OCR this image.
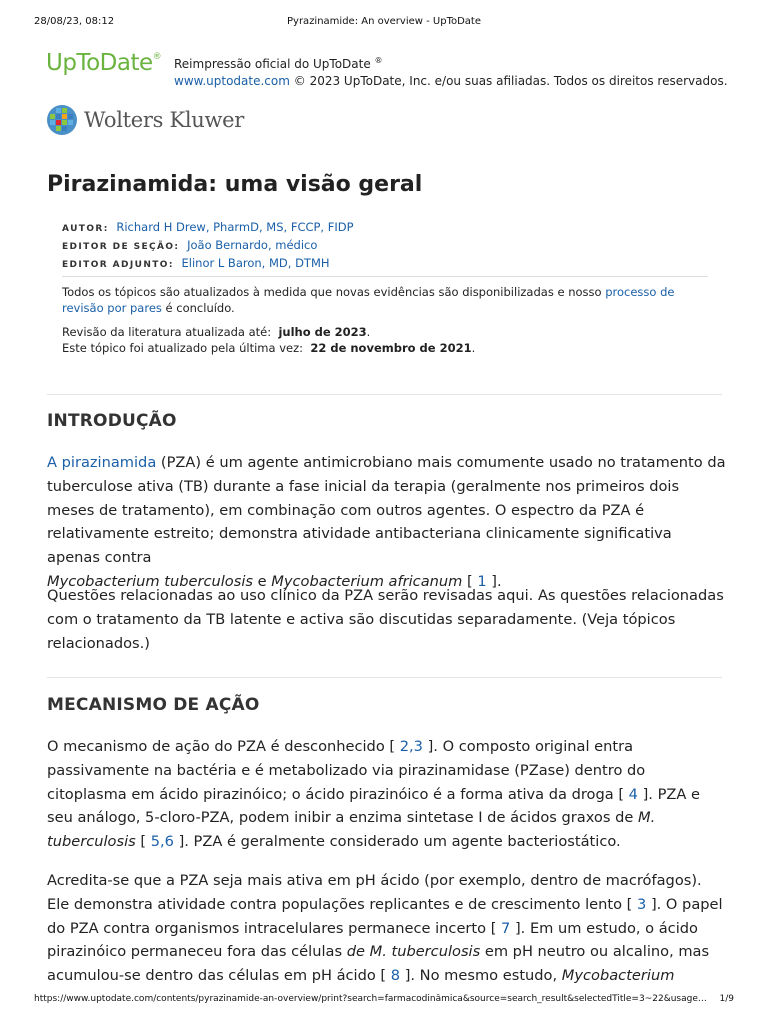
28/08/23, 08:12	Pyrazinamide: An overview - UpToDate
UpToDate® Reimpressão oficial do UpToDate ®
www.uptodate.com © 2023 UpToDate, Inc. e/ou suas afiliadas. Todos os direitos reservados.
Wolters Kluwer
Pirazinamida: uma visão geral
AUTOR: Richard H Drew, PharmD, MS, FCCP, FIDP
EDITOR DE SEÇÃO: João Bernardo, médico
EDITOR ADJUNTO: Elinor L Baron, MD, DTMH

Todos os tópicos são atualizados à medida que novas evidências são disponibilizadas e nosso processo de revisão por pares é concluído.

Revisão da literatura atualizada até: julho de 2023.
Este tópico foi atualizado pela última vez: 22 de novembro de 2021.

INTRODUÇÃO

A pirazinamida (PZA) é um agente antimicrobiano mais comumente usado no tratamento da tuberculose ativa (TB) durante a fase inicial da terapia (geralmente nos primeiros dois meses de tratamento), em combinação com outros agentes. O espectro da PZA é relativamente estreito; demonstra atividade antibacteriana clinicamente significativa apenas contra
Mycobacterium tuberculosis e Mycobacterium africanum [ 1 ].

Questões relacionadas ao uso clínico da PZA serão revisadas aqui. As questões relacionadas com o tratamento da TB latente e activa são discutidas separadamente. (Veja tópicos relacionados.)

MECANISMO DE AÇÃO

O mecanismo de ação do PZA é desconhecido [ 2,3 ]. O composto original entra passivamente na bactéria e é metabolizado via pirazinamidase (PZase) dentro do citoplasma em ácido pirazinóico; o ácido pirazinóico é a forma ativa da droga [ 4 ]. PZA e seu análogo, 5-cloro-PZA, podem inibir a enzima sintetase I de ácidos graxos de M. tuberculosis [ 5,6 ]. PZA é geralmente considerado um agente bacteriostático.

Acredita-se que a PZA seja mais ativa em pH ácido (por exemplo, dentro de macrófagos). Ele demonstra atividade contra populações replicantes e de crescimento lento [ 3 ]. O papel do PZA contra organismos intracelulares permanece incerto [ 7 ]. Em um estudo, o ácido pirazinóico permaneceu fora das células de M. tuberculosis em pH neutro ou alcalino, mas acumulou-se dentro das células em pH ácido [ 8 ]. No mesmo estudo, Mycobacterium

https://www.uptodate.com/contents/pyrazinamide-an-overview/print?search=farmacodinâmica&source=search_result&selectedTitle=3~22&usage…	1/9
